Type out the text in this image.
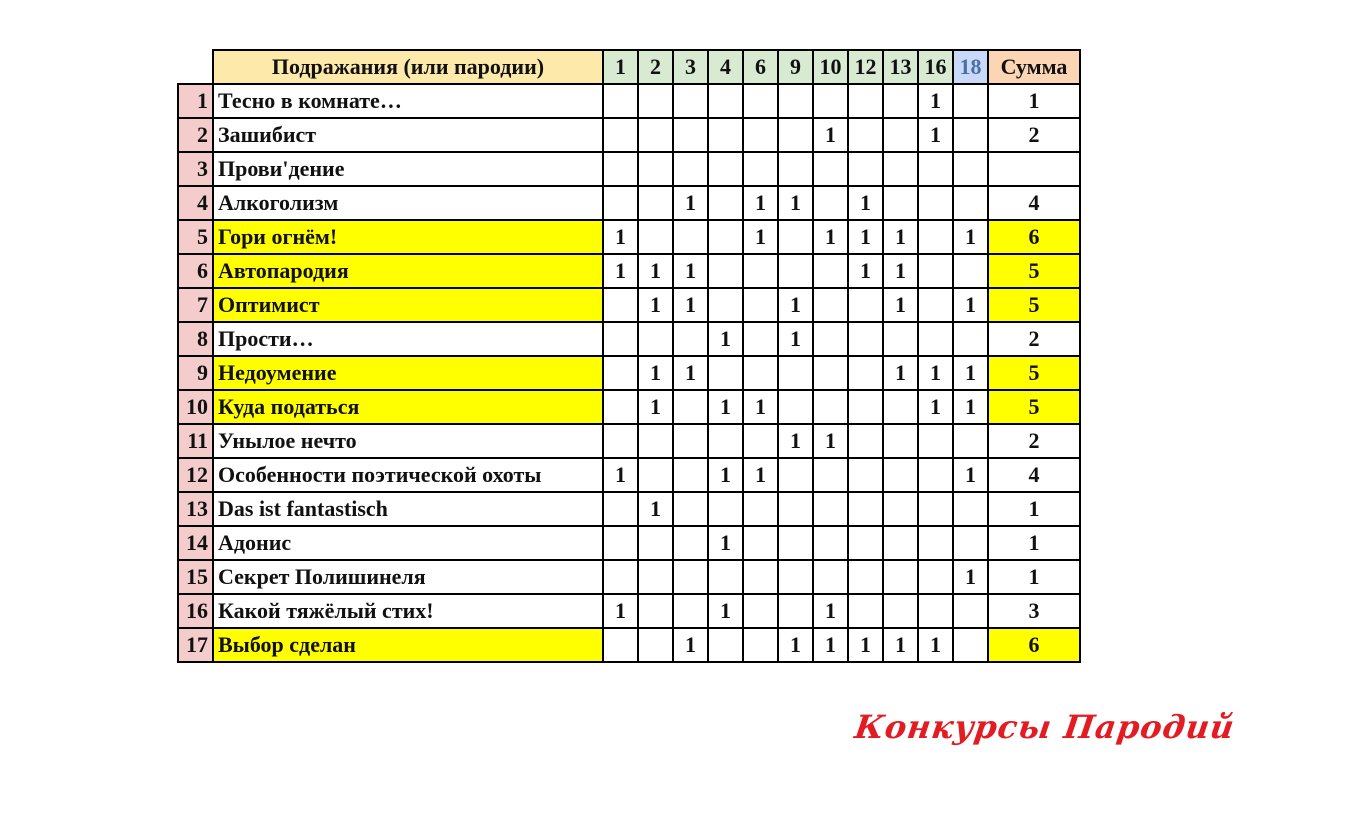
	Подражания (или пародии)	1	2	3	4	6	9	10	12	13	16	18	Сумма
1	Тесно в комнате…										1		1
2	Зашибист							1			1		2
3	Прови'дение												
4	Алкоголизм			1		1	1		1				4
5	Гори огнём!	1				1		1	1	1		1	6
6	Автопародия	1	1	1					1	1			5
7	Оптимист		1	1			1			1		1	5
8	Прости…				1		1						2
9	Недоумение		1	1						1	1	1	5
10	Куда податься		1		1	1					1	1	5
11	Унылое нечто						1	1					2
12	Особенности поэтической охоты	1			1	1						1	4
13	Das ist fantastisch		1										1
14	Адонис				1								1
15	Секрет Полишинеля											1	1
16	Какой тяжёлый стих!	1			1			1					3
17	Выбор сделан			1			1	1	1	1	1		6
Конкурсы Пародий
